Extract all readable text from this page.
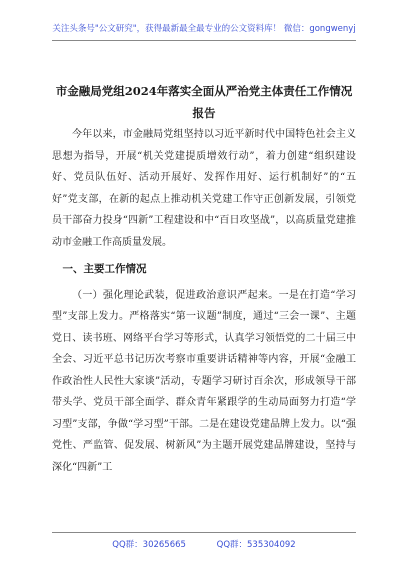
关注头条号"公文研究"，获得最新最全最专业的公文资料库！ 微信：gongwenyj
市金融局党组2024年落实全面从严治党主体责任工作情况报告

今年以来，市金融局党组坚持以习近平新时代中国特色社会主义思想为指导，开展“机关党建提质增效行动”，着力创建“组织建设好、党员队伍好、活动开展好、发挥作用好、运行机制好”的“五好”党支部，在新的起点上推动机关党建工作守正创新发展，引领党员干部奋力投身“四新”工程建设和中“百日攻坚战”，以高质量党建推动市金融工作高质量发展。

一、主要工作情况

（一）强化理论武装，促进政治意识严起来。一是在打造“学习型”支部上发力。严格落实“第一议题”制度，通过“三会一课”、主题党日、读书班、网络平台学习等形式，认真学习领悟党的二十届三中全会、习近平总书记历次考察市重要讲话精神等内容，开展“金融工作政治性人民性大家谈”活动，专题学习研讨百余次，形成领导干部带头学、党员干部全面学、群众青年紧跟学的生动局面努力打造“学习型”支部，争做“学习型”干部。二是在建设党建品牌上发力。以“强党性、严监管、促发展、树新风”为主题开展党建品牌建设，坚持与深化“四新”工

QQ群：30265665	QQ群：535304092
